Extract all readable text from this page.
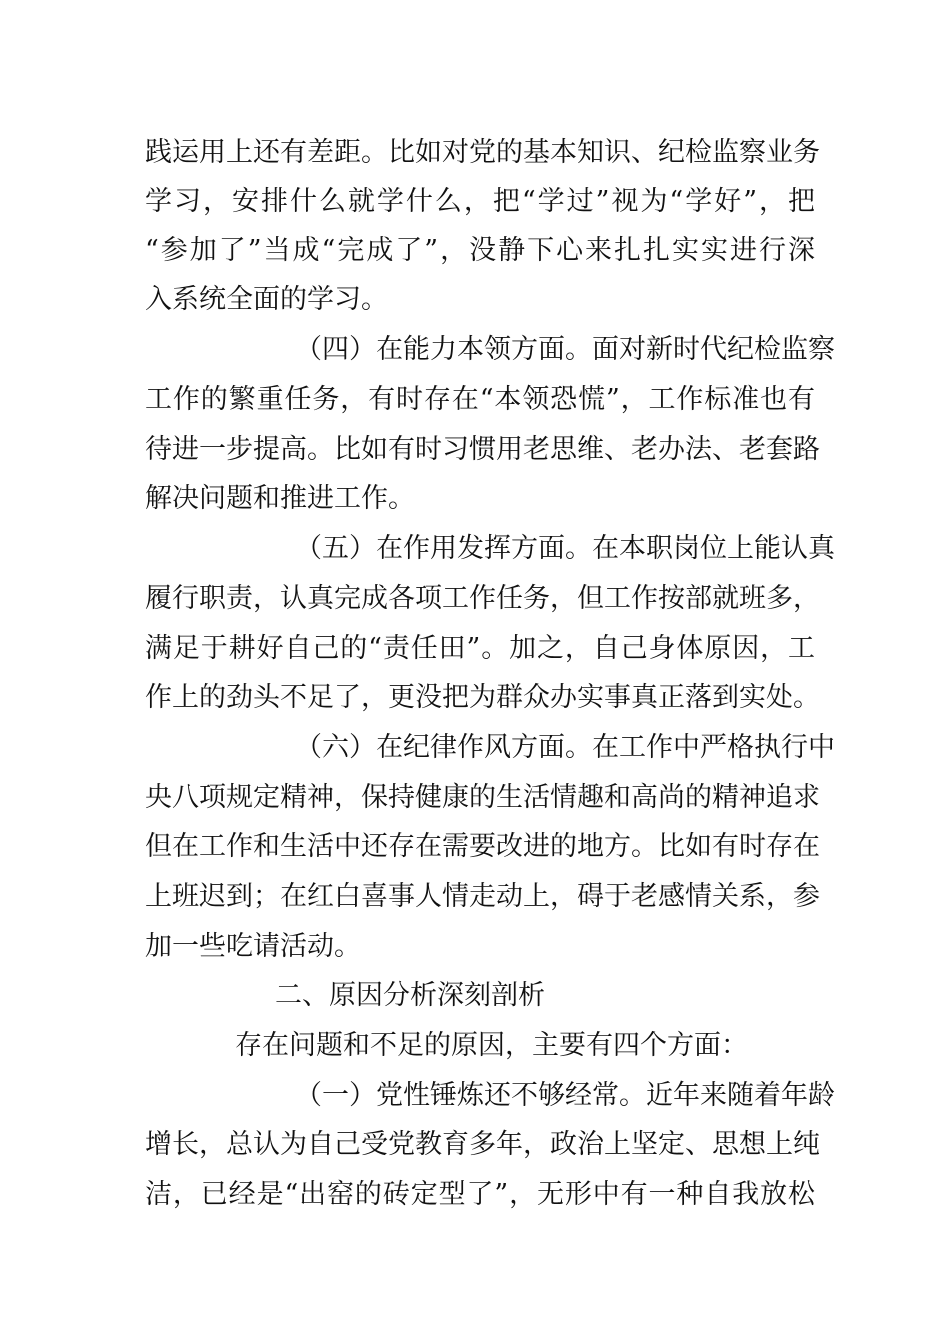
践运用上还有差距。比如对党的基本知识、纪检监察业务
学习，安排什么就学什么，把“学过”视为“学好”，把
“参加了”当成“完成了”，没静下心来扎扎实实进行深
入系统全面的学习。
（四）在能力本领方面。面对新时代纪检监察
工作的繁重任务，有时存在“本领恐慌”，工作标准也有
待进一步提高。比如有时习惯用老思维、老办法、老套路
解决问题和推进工作。
（五）在作用发挥方面。在本职岗位上能认真
履行职责，认真完成各项工作任务，但工作按部就班多，
满足于耕好自己的“责任田”。加之，自己身体原因，工
作上的劲头不足了，更没把为群众办实事真正落到实处。
（六）在纪律作风方面。在工作中严格执行中
央八项规定精神，保持健康的生活情趣和高尚的精神追求
但在工作和生活中还存在需要改进的地方。比如有时存在
上班迟到；在红白喜事人情走动上，碍于老感情关系，参
加一些吃请活动。
二、原因分析深刻剖析
存在问题和不足的原因，主要有四个方面：
（一）党性锤炼还不够经常。近年来随着年龄
增长，总认为自己受党教育多年，政治上坚定、思想上纯
洁，已经是“出窑的砖定型了”，无形中有一种自我放松
